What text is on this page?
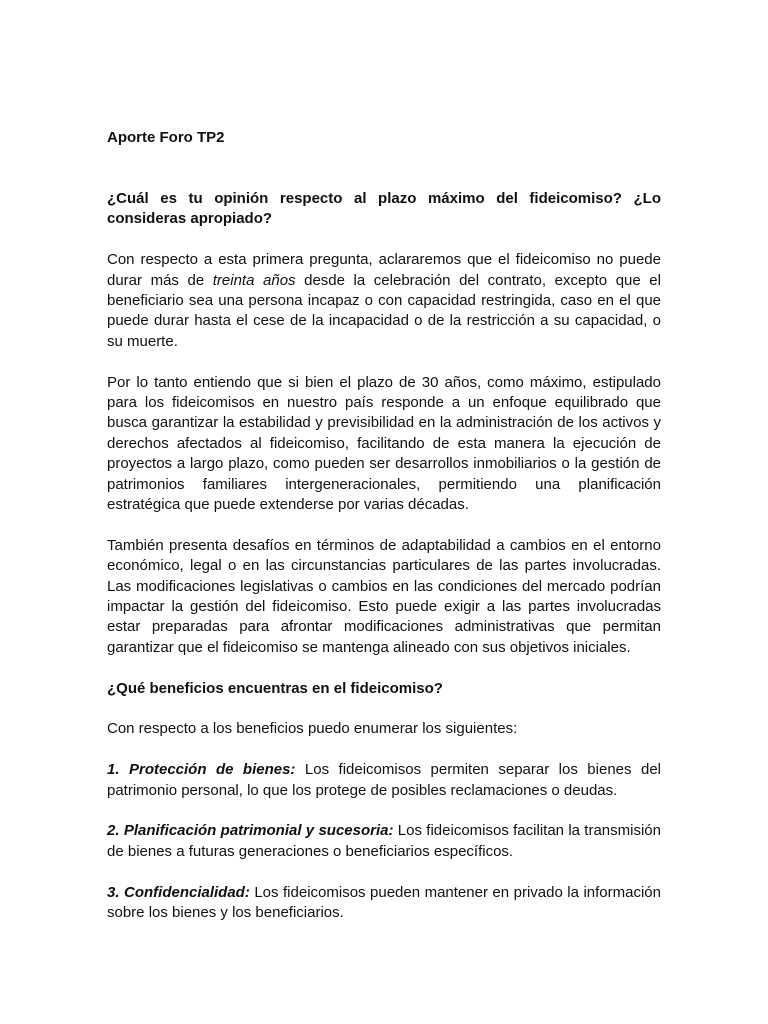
Aporte Foro TP2

¿Cuál es tu opinión respecto al plazo máximo del fideicomiso? ¿Lo consideras apropiado?

Con respecto a esta primera pregunta, aclararemos que el fideicomiso no puede durar más de treinta años desde la celebración del contrato, excepto que el beneficiario sea una persona incapaz o con capacidad restringida, caso en el que puede durar hasta el cese de la incapacidad o de la restricción a su capacidad, o su muerte.

Por lo tanto entiendo que si bien el plazo de 30 años, como máximo, estipulado para los fideicomisos en nuestro país responde a un enfoque equilibrado que busca garantizar la estabilidad y previsibilidad en la administración de los activos y derechos afectados al fideicomiso, facilitando de esta manera la ejecución de proyectos a largo plazo, como pueden ser desarrollos inmobiliarios o la gestión de patrimonios familiares intergeneracionales, permitiendo una planificación estratégica que puede extenderse por varias décadas.

También presenta desafíos en términos de adaptabilidad a cambios en el entorno económico, legal o en las circunstancias particulares de las partes involucradas. Las modificaciones legislativas o cambios en las condiciones del mercado podrían impactar la gestión del fideicomiso. Esto puede exigir a las partes involucradas estar preparadas para afrontar modificaciones administrativas que permitan garantizar que el fideicomiso se mantenga alineado con sus objetivos iniciales.

¿Qué beneficios encuentras en el fideicomiso?

Con respecto a los beneficios puedo enumerar los siguientes:

1. Protección de bienes: Los fideicomisos permiten separar los bienes del patrimonio personal, lo que los protege de posibles reclamaciones o deudas.

2. Planificación patrimonial y sucesoria: Los fideicomisos facilitan la transmisión de bienes a futuras generaciones o beneficiarios específicos.

3. Confidencialidad: Los fideicomisos pueden mantener en privado la información sobre los bienes y los beneficiarios.
